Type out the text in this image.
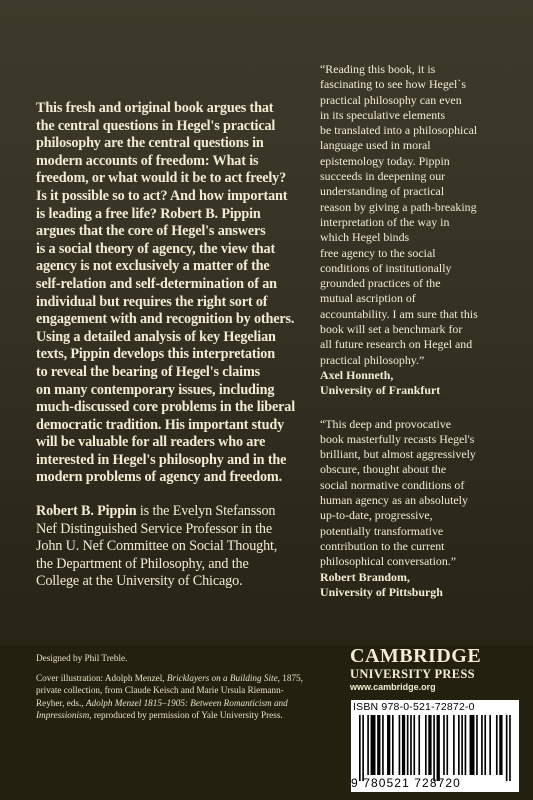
This fresh and original book argues that
the central questions in Hegel's practical
philosophy are the central questions in
modern accounts of freedom: What is
freedom, or what would it be to act freely?
Is it possible so to act? And how important
is leading a free life? Robert B. Pippin
argues that the core of Hegel's answers
is a social theory of agency, the view that
agency is not exclusively a matter of the
self-relation and self-determination of an
individual but requires the right sort of
engagement with and recognition by others.
Using a detailed analysis of key Hegelian
texts, Pippin develops this interpretation
to reveal the bearing of Hegel's claims
on many contemporary issues, including
much-discussed core problems in the liberal
democratic tradition. His important study
will be valuable for all readers who are
interested in Hegel's philosophy and in the
modern problems of agency and freedom.

Robert B. Pippin is the Evelyn Stefansson
Nef Distinguished Service Professor in the
John U. Nef Committee on Social Thought,
the Department of Philosophy, and the
College at the University of Chicago.

“Reading this book, it is
fascinating to see how Hegel`s
practical philosophy can even
in its speculative elements
be translated into a philosophical
language used in moral
epistemology today. Pippin
succeeds in deepening our
understanding of practical
reason by giving a path-breaking
interpretation of the way in
which Hegel binds
free agency to the social
conditions of institutionally
grounded practices of the
mutual ascription of
accountability. I am sure that this
book will set a benchmark for
all future research on Hegel and
practical philosophy.”

Axel Honneth,

University of Frankfurt

“This deep and provocative
book masterfully recasts Hegel's
brilliant, but almost aggressively
obscure, thought about the
social normative conditions of
human agency as an absolutely
up-to-date, progressive,
potentially transformative
contribution to the current
philosophical conversation.”

Robert Brandom,

University of Pittsburgh

Designed by Phil Treble.

Cover illustration: Adolph Menzel, Bricklayers on a Building Site, 1875, private collection, from Claude Keisch and Marie Ursula Riemann-Reyher, eds., Adolph Menzel 1815–1905: Between Romanticism and Impressionism, reproduced by permission of Yale University Press.

CAMBRIDGE
UNIVERSITY PRESS
www.cambridge.org
ISBN 978-0-521-72872-0
9 780521 728720
